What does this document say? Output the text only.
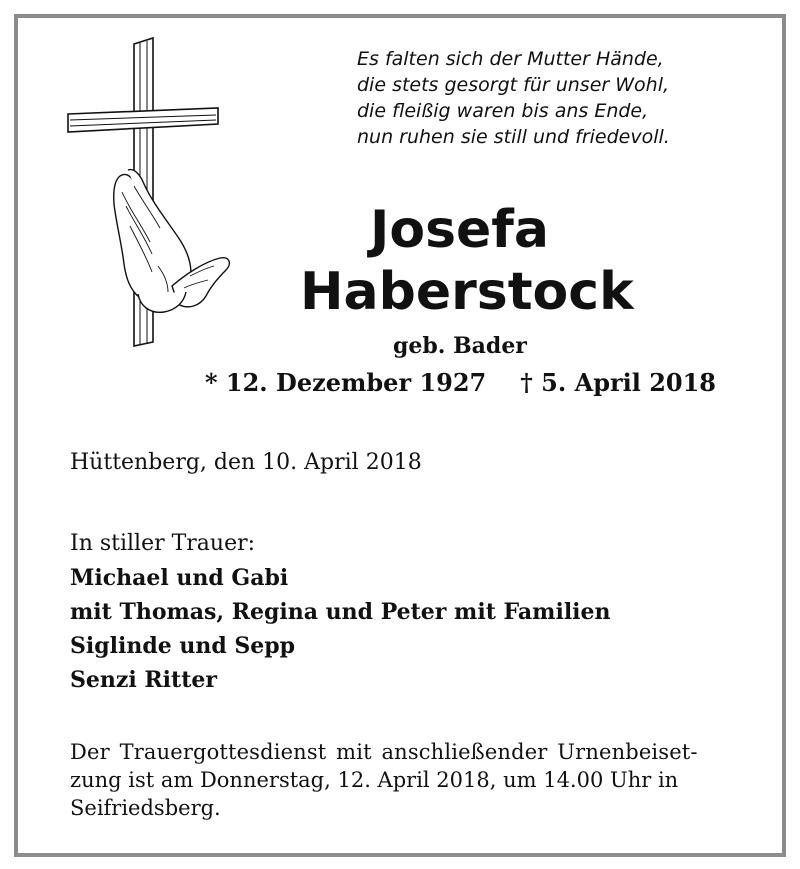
Es falten sich der Mutter Hände,
die stets gesorgt für unser Wohl,
die fleißig waren bis ans Ende,
nun ruhen sie still und friedevoll.
Josefa
Haberstock
geb. Bader
* 12. Dezember 1927 † 5. April 2018
Hüttenberg, den 10. April 2018
In stiller Trauer:
Michael und Gabi
mit Thomas, Regina und Peter mit Familien
Siglinde und Sepp
Senzi Ritter
Der Trauergottesdienst mit anschließender Urnenbeiset-
zung ist am Donnerstag, 12. April 2018, um 14.00 Uhr in
Seifriedsberg.
